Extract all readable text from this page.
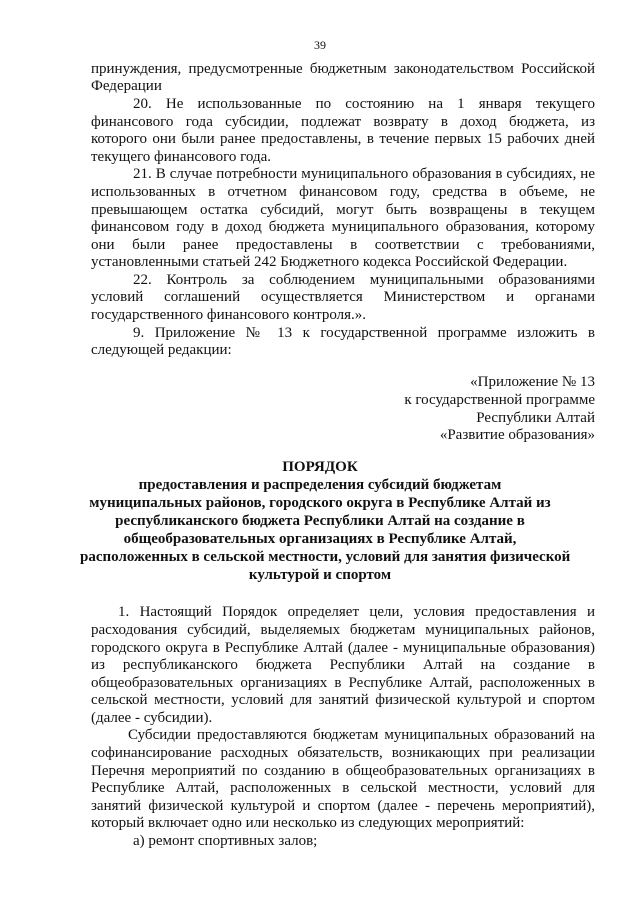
39
принуждения, предусмотренные бюджетным законодательством Российской
Федерации
20. Не использованные по состоянию на 1 января текущего
финансового года субсидии, подлежат возврату в доход бюджета, из
которого они были ранее предоставлены, в течение первых 15 рабочих дней
текущего финансового года.
21. В случае потребности муниципального образования в субсидиях, не
использованных в отчетном финансовом году, средства в объеме, не
превышающем остатка субсидий, могут быть возвращены в текущем
финансовом году в доход бюджета муниципального образования, которому
они были ранее предоставлены в соответствии с требованиями,
установленными статьей 242 Бюджетного кодекса Российской Федерации.
22. Контроль за соблюдением муниципальными образованиями
условий соглашений осуществляется Министерством и органами
государственного финансового контроля.».
9. Приложение № 13 к государственной программе изложить в
следующей редакции:
«Приложение № 13
к государственной программе
Республики Алтай
«Развитие образования»
ПОРЯДОК
предоставления и распределения субсидий бюджетам
муниципальных районов, городского округа в Республике Алтай из
республиканского бюджета Республики Алтай на создание в
общеобразовательных организациях в Республике Алтай,
расположенных в сельской местности, условий для занятия физической
культурой и спортом
1. Настоящий Порядок определяет цели, условия предоставления и
расходования субсидий, выделяемых бюджетам муниципальных районов,
городского округа в Республике Алтай (далее - муниципальные образования)
из республиканского бюджета Республики Алтай на создание в
общеобразовательных организациях в Республике Алтай, расположенных в
сельской местности, условий для занятий физической культурой и спортом
(далее - субсидии).
Субсидии предоставляются бюджетам муниципальных образований на
софинансирование расходных обязательств, возникающих при реализации
Перечня мероприятий по созданию в общеобразовательных организациях в
Республике Алтай, расположенных в сельской местности, условий для
занятий физической культурой и спортом (далее - перечень мероприятий),
который включает одно или несколько из следующих мероприятий:
а) ремонт спортивных залов;
